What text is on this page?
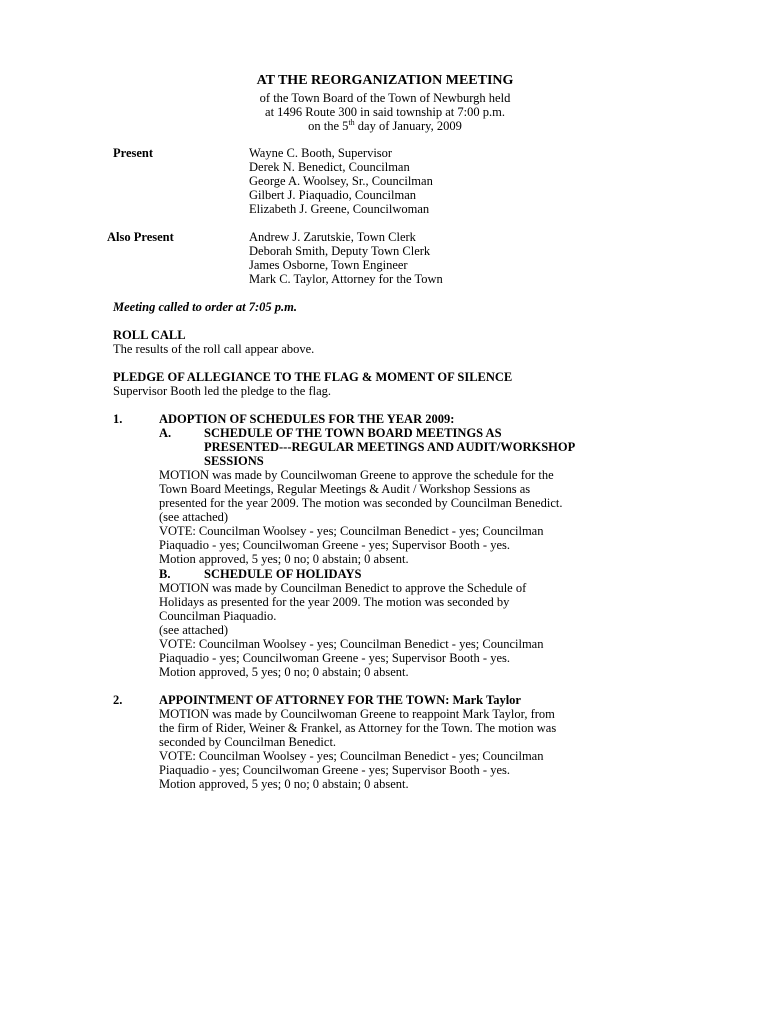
AT THE REORGANIZATION MEETING
of the Town Board of the Town of Newburgh held
at 1496 Route 300 in said township at 7:00 p.m.
on the 5th day of January, 2009
Present	Wayne C. Booth, Supervisor
Derek N. Benedict, Councilman
George A. Woolsey, Sr., Councilman
Gilbert J. Piaquadio, Councilman
Elizabeth J. Greene, Councilwoman
Also Present	Andrew J. Zarutskie, Town Clerk
Deborah Smith, Deputy Town Clerk
James Osborne, Town Engineer
Mark C. Taylor, Attorney for the Town
Meeting called to order at 7:05 p.m.
ROLL CALL
The results of the roll call appear above.
PLEDGE OF ALLEGIANCE TO THE FLAG & MOMENT OF SILENCE
Supervisor Booth led the pledge to the flag.
1.	ADOPTION OF SCHEDULES FOR THE YEAR 2009:
A.	SCHEDULE OF THE TOWN BOARD MEETINGS AS
PRESENTED---REGULAR MEETINGS AND AUDIT/WORKSHOP
SESSIONS
MOTION was made by Councilwoman Greene to approve the schedule for the
Town Board Meetings, Regular Meetings & Audit / Workshop Sessions as
presented for the year 2009. The motion was seconded by Councilman Benedict.
(see attached)
VOTE: Councilman Woolsey - yes; Councilman Benedict - yes; Councilman
Piaquadio - yes; Councilwoman Greene - yes; Supervisor Booth - yes.
Motion approved, 5 yes; 0 no; 0 abstain; 0 absent.
B.	SCHEDULE OF HOLIDAYS
MOTION was made by Councilman Benedict to approve the Schedule of
Holidays as presented for the year 2009. The motion was seconded by
Councilman Piaquadio.
(see attached)
VOTE: Councilman Woolsey - yes; Councilman Benedict - yes; Councilman
Piaquadio - yes; Councilwoman Greene - yes; Supervisor Booth - yes.
Motion approved, 5 yes; 0 no; 0 abstain; 0 absent.
2.	APPOINTMENT OF ATTORNEY FOR THE TOWN: Mark Taylor
MOTION was made by Councilwoman Greene to reappoint Mark Taylor, from
the firm of Rider, Weiner & Frankel, as Attorney for the Town. The motion was
seconded by Councilman Benedict.
VOTE: Councilman Woolsey - yes; Councilman Benedict - yes; Councilman
Piaquadio - yes; Councilwoman Greene - yes; Supervisor Booth - yes.
Motion approved, 5 yes; 0 no; 0 abstain; 0 absent.
